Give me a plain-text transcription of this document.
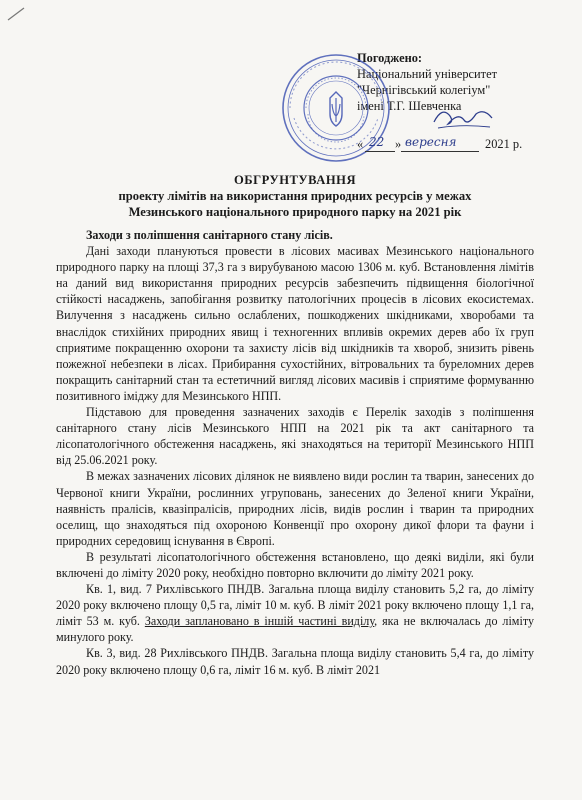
Погоджено:
Національний університет
"Чернігівський колегіум"
імені Т.Г. Шевченка
« 22 » вересня 2021 р.
ОБГРУНТУВАННЯ
проекту лімітів на використання природних ресурсів у межах
Мезинського національного природного парку на 2021 рік

Заходи з поліпшення санітарного стану лісів.

Дані заходи плануються провести в лісових масивах Мезинського національного природного парку на площі 37,3 га з вирубуваною масою 1306 м. куб. Встановлення лімітів на даний вид використання природних ресурсів забезпечить підвищення біологічної стійкості насаджень, запобігання розвитку патологічних процесів в лісових екосистемах. Вилучення з насаджень сильно ослаблених, пошкоджених шкідниками, хворобами та внаслідок стихійних природних явищ і техногенних впливів окремих дерев або їх груп сприятиме покращенню охорони та захисту лісів від шкідників та хвороб, знизить рівень пожежної небезпеки в лісах. Прибирання сухостійних, вітровальних та буреломних дерев покращить санітарний стан та естетичний вигляд лісових масивів і сприятиме формуванню позитивного іміджу для Мезинського НПП.

Підставою для проведення зазначених заходів є Перелік заходів з поліпшення санітарного стану лісів Мезинського НПП на 2021 рік та акт санітарного та лісопатологічного обстеження насаджень, які знаходяться на території Мезинського НПП від 25.06.2021 року.

В межах зазначених лісових ділянок не виявлено види рослин та тварин, занесених до Червоної книги України, рослинних угруповань, занесених до Зеленої книги України, наявність пралісів, квазіпралісів, природних лісів, видів рослин і тварин та природних оселищ, що знаходяться під охороною Конвенції про охорону дикої флори та фауни і природних середовищ існування в Європі.

В результаті лісопатологічного обстеження встановлено, що деякі виділи, які були включені до ліміту 2020 року, необхідно повторно включити до ліміту 2021 року.

Кв. 1, вид. 7 Рихлівського ПНДВ. Загальна площа виділу становить 5,2 га, до ліміту 2020 року включено площу 0,5 га, ліміт 10 м. куб. В ліміт 2021 року включено площу 1,1 га, ліміт 53 м. куб. Заходи заплановано в іншій частині виділу, яка не включалась до ліміту минулого року.

Кв. 3, вид. 28 Рихлівського ПНДВ. Загальна площа виділу становить 5,4 га, до ліміту 2020 року включено площу 0,6 га, ліміт 16 м. куб. В ліміт 2021
